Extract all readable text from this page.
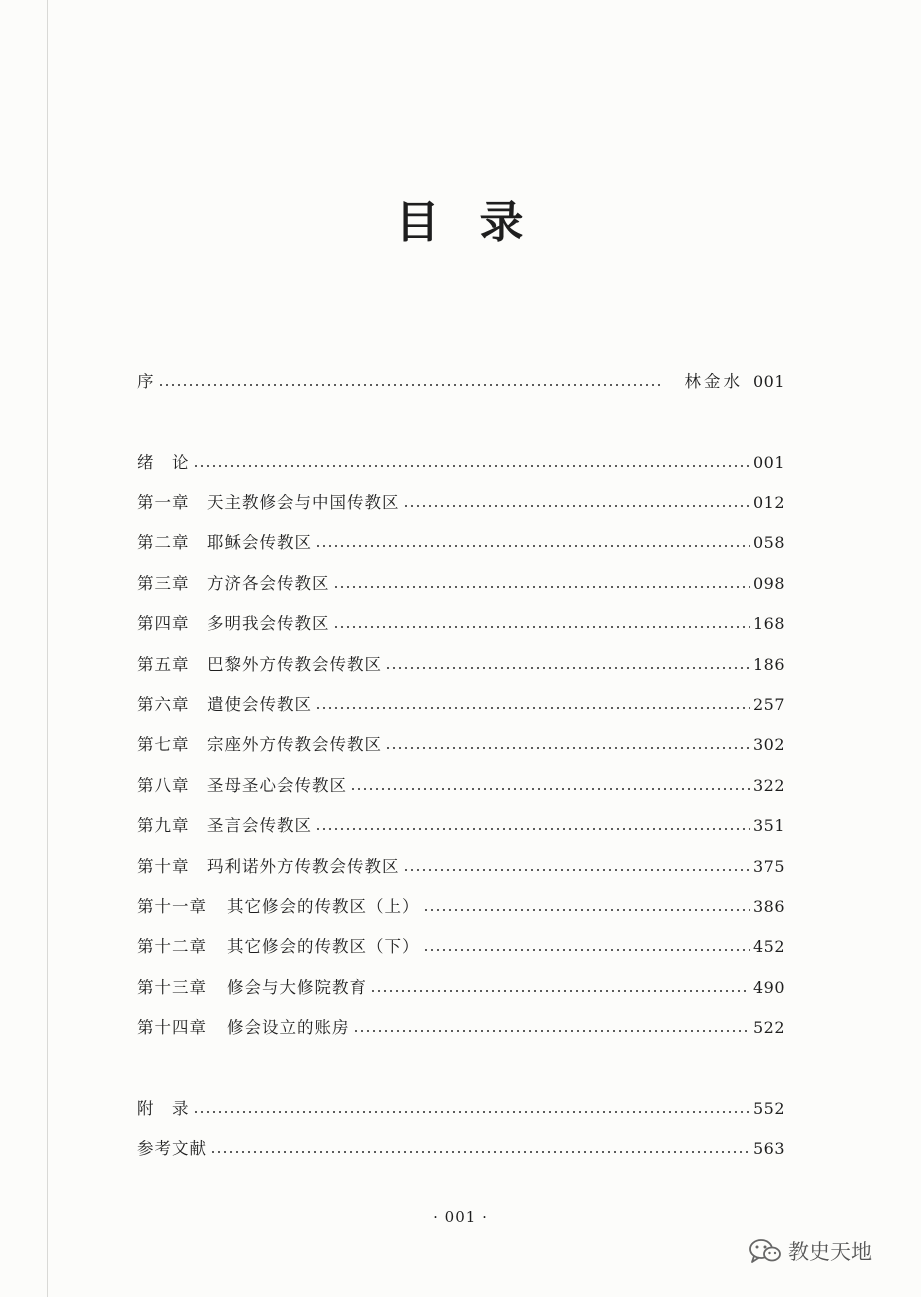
目 录
序	林金水 001
绪　论	001
第一章	天主教修会与中国传教区	012
第二章	耶稣会传教区	058
第三章	方济各会传教区	098
第四章	多明我会传教区	168
第五章	巴黎外方传教会传教区	186
第六章	遣使会传教区	257
第七章	宗座外方传教会传教区	302
第八章	圣母圣心会传教区	322
第九章	圣言会传教区	351
第十章	玛利诺外方传教会传教区	375
第十一章	其它修会的传教区（上）	386
第十二章	其它修会的传教区（下）	452
第十三章	修会与大修院教育	490
第十四章	修会设立的账房	522
附　录	552
参考文献	563
· 001 ·
教史天地
